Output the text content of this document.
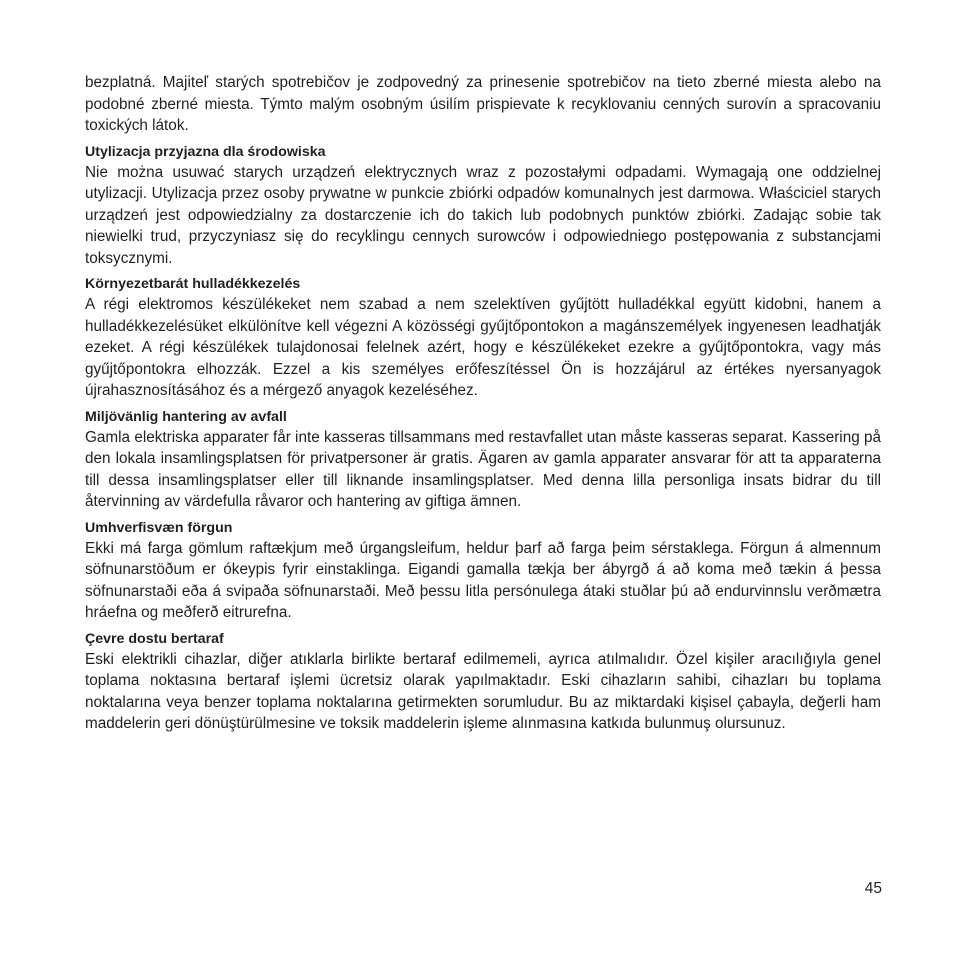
bezplatná. Majiteľ starých spotrebičov je zodpovedný za prinesenie spotrebičov na tieto zberné miesta alebo na podobné zberné miesta. Týmto malým osobným úsilím prispievate k recyklovaniu cenných surovín a spracovaniu toxických látok.

Utylizacja przyjazna dla środowiska

Nie można usuwać starych urządzeń elektrycznych wraz z pozostałymi odpadami. Wymagają one oddzielnej utylizacji. Utylizacja przez osoby prywatne w punkcie zbiórki odpadów komunalnych jest darmowa. Właściciel starych urządzeń jest odpowiedzialny za dostarczenie ich do takich lub podobnych punktów zbiórki. Zadając sobie tak niewielki trud, przyczyniasz się do recyklingu cennych surowców i odpowiedniego postępowania z substancjami toksycznymi.

Környezetbarát hulladékkezelés

A régi elektromos készülékeket nem szabad a nem szelektíven gyűjtött hulladékkal együtt kidobni, hanem a hulladékkezelésüket elkülönítve kell végezni A közösségi gyűjtőpontokon a magánszemélyek ingyenesen leadhatják ezeket. A régi készülékek tulajdonosai felelnek azért, hogy e készülékeket ezekre a gyűjtőpontokra, vagy más gyűjtőpontokra elhozzák. Ezzel a kis személyes erőfeszítéssel Ön is hozzájárul az értékes nyersanyagok újrahasznosításához és a mérgező anyagok kezeléséhez.

Miljövänlig hantering av avfall

Gamla elektriska apparater får inte kasseras tillsammans med restavfallet utan måste kasseras separat. Kassering på den lokala insamlingsplatsen för privatpersoner är gratis. Ägaren av gamla apparater ansvarar för att ta apparaterna till dessa insamlingsplatser eller till liknande insamlingsplatser. Med denna lilla personliga insats bidrar du till återvinning av värdefulla råvaror och hantering av giftiga ämnen.

Umhverfisvæn förgun

Ekki má farga gömlum raftækjum með úrgangsleifum, heldur þarf að farga þeim sérstaklega. Förgun á almennum söfnunarstöðum er ókeypis fyrir einstaklinga. Eigandi gamalla tækja ber ábyrgð á að koma með tækin á þessa söfnunarstaði eða á svipaða söfnunarstaði. Með þessu litla persónulega átaki stuðlar þú að endurvinnslu verðmætra hráefna og meðferð eitrurefna.

Çevre dostu bertaraf

Eski elektrikli cihazlar, diğer atıklarla birlikte bertaraf edilmemeli, ayrıca atılmalıdır. Özel kişiler aracılığıyla genel toplama noktasına bertaraf işlemi ücretsiz olarak yapılmaktadır. Eski cihazların sahibi, cihazları bu toplama noktalarına veya benzer toplama noktalarına getirmekten sorumludur. Bu az miktardaki kişisel çabayla, değerli ham maddelerin geri dönüştürülmesine ve toksik maddelerin işleme alınmasına katkıda bulunmuş olursunuz.

45
